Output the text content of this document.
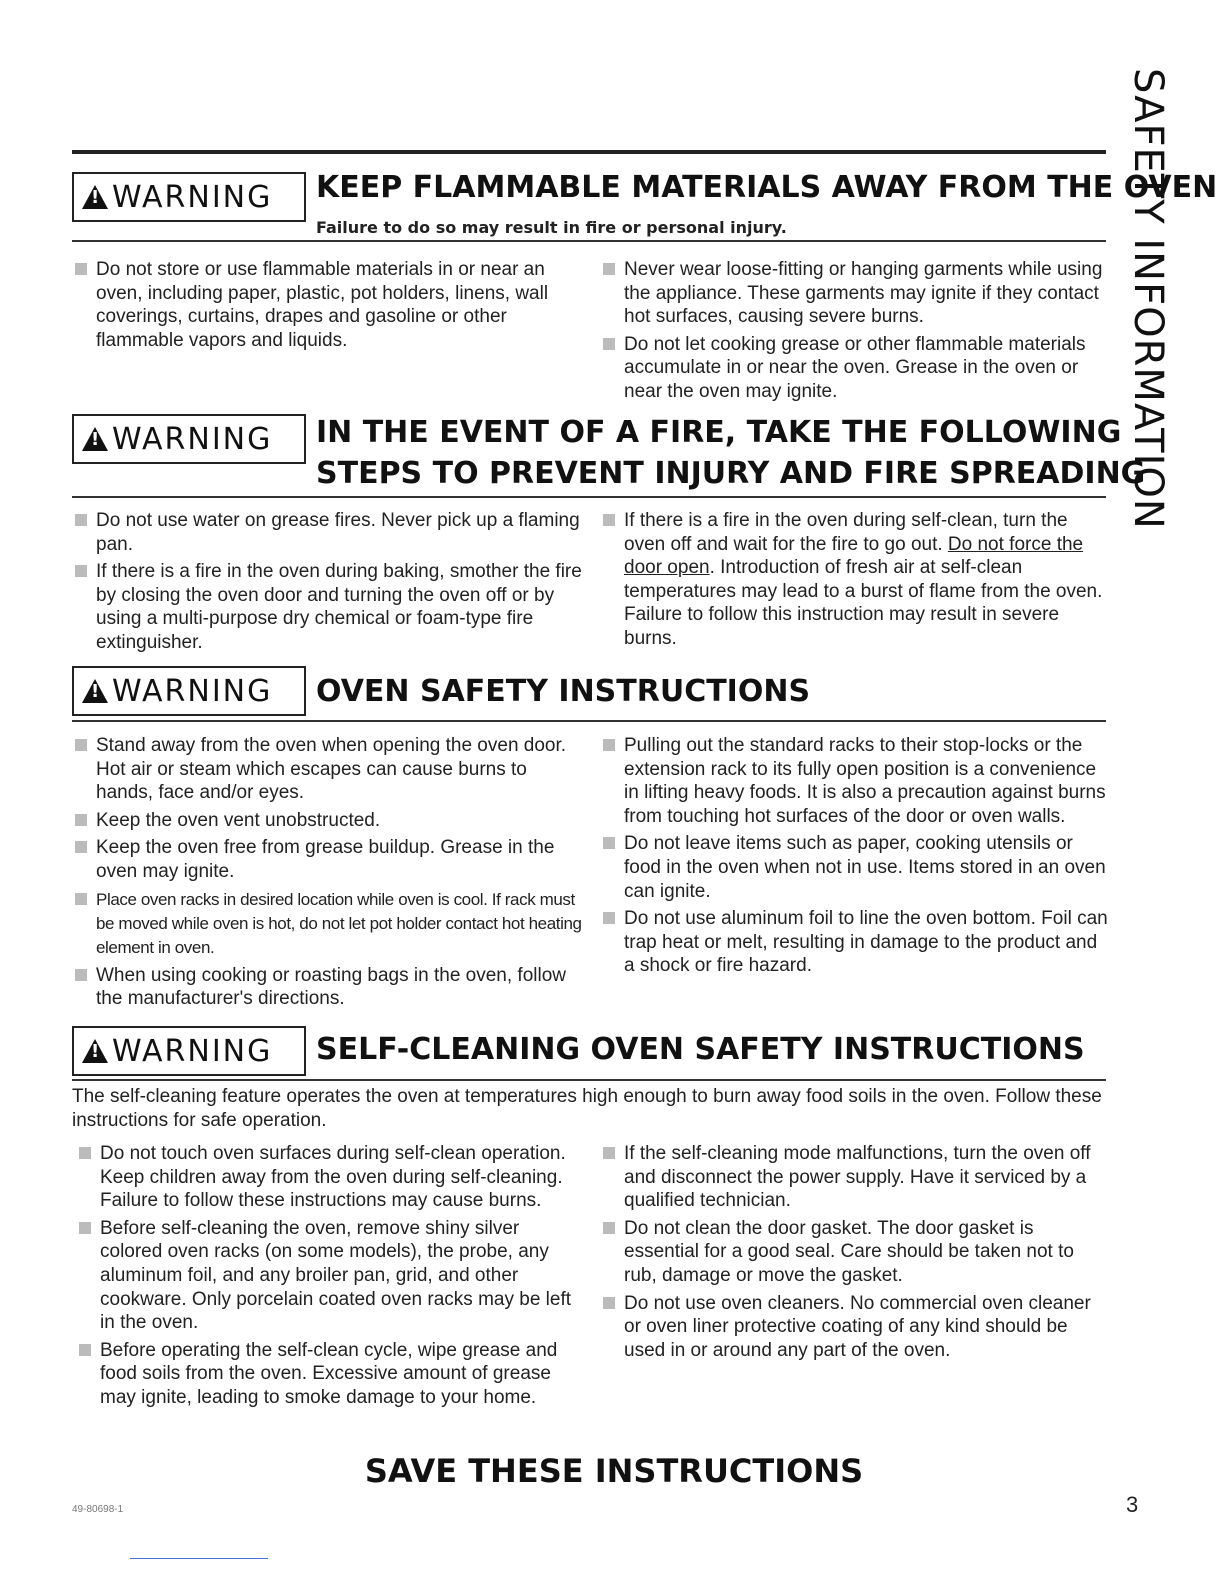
SAFETY INFORMATION
!
WARNING KEEP FLAMMABLE MATERIALS AWAY FROM THE OVEN
Failure to do so may result in fire or personal injury.
Do not store or use flammable materials in or near an oven, including paper, plastic, pot holders, linens, wall coverings, curtains, drapes and gasoline or other flammable vapors and liquids.
Never wear loose-fitting or hanging garments while using the appliance. These garments may ignite if they contact hot surfaces, causing severe burns.
Do not let cooking grease or other flammable materials accumulate in or near the oven. Grease in the oven or near the oven may ignite.
!
WARNING IN THE EVENT OF A FIRE, TAKE THE FOLLOWING
STEPS TO PREVENT INJURY AND FIRE SPREADING
Do not use water on grease fires. Never pick up a flaming pan.
If there is a fire in the oven during baking, smother the fire by closing the oven door and turning the oven off or by using a multi-purpose dry chemical or foam-type fire extinguisher.
If there is a fire in the oven during self-clean, turn the oven off and wait for the fire to go out. Do not force the door open. Introduction of fresh air at self-clean temperatures may lead to a burst of flame from the oven. Failure to follow this instruction may result in severe burns.
!
WARNING OVEN SAFETY INSTRUCTIONS
Stand away from the oven when opening the oven door. Hot air or steam which escapes can cause burns to hands, face and/or eyes.
Keep the oven vent unobstructed.
Keep the oven free from grease buildup. Grease in the oven may ignite.
Place oven racks in desired location while oven is cool. If rack must be moved while oven is hot, do not let pot holder contact hot heating element in oven.
When using cooking or roasting bags in the oven, follow the manufacturer's directions.
Pulling out the standard racks to their stop-locks or the extension rack to its fully open position is a convenience in lifting heavy foods. It is also a precaution against burns from touching hot surfaces of the door or oven walls.
Do not leave items such as paper, cooking utensils or food in the oven when not in use. Items stored in an oven can ignite.
Do not use aluminum foil to line the oven bottom. Foil can trap heat or melt, resulting in damage to the product and a shock or fire hazard.
!
WARNING SELF-CLEANING OVEN SAFETY INSTRUCTIONS
The self-cleaning feature operates the oven at temperatures high enough to burn away food soils in the oven. Follow these instructions for safe operation.
Do not touch oven surfaces during self-clean operation. Keep children away from the oven during self-cleaning. Failure to follow these instructions may cause burns.
Before self-cleaning the oven, remove shiny silver colored oven racks (on some models), the probe, any aluminum foil, and any broiler pan, grid, and other cookware. Only porcelain coated oven racks may be left in the oven.
Before operating the self-clean cycle, wipe grease and food soils from the oven. Excessive amount of grease may ignite, leading to smoke damage to your home.
If the self-cleaning mode malfunctions, turn the oven off and disconnect the power supply. Have it serviced by a qualified technician.
Do not clean the door gasket. The door gasket is essential for a good seal. Care should be taken not to rub, damage or move the gasket.
Do not use oven cleaners. No commercial oven cleaner or oven liner protective coating of any kind should be used in or around any part of the oven.
SAVE THESE INSTRUCTIONS
49-80698-1	3
